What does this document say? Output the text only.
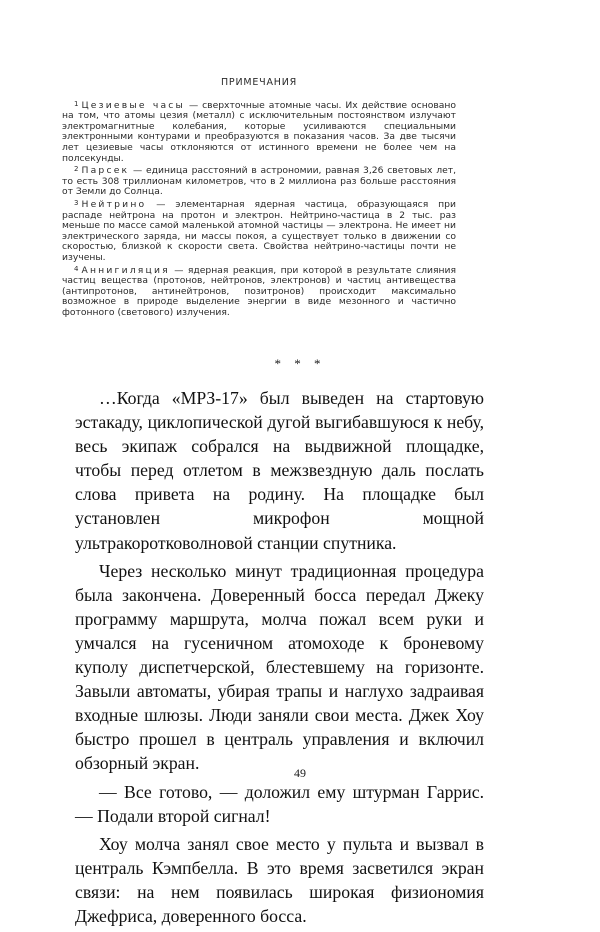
ПРИМЕЧАНИЯ

$^1$ Цезиевые часы — сверхточные атомные часы. Их действие основано на том, что атомы цезия (металл) с исключительным постоянством излучают электромагнитные колебания, которые усиливаются специальными электронными контурами и преобразуются в показания часов. За две тысячи лет цезиевые часы отклоняются от истинного времени не более чем на полсекунды.

$^2$ Парсек — единица расстояний в астрономии, равная 3,26 световых лет, то есть 308 триллионам километров, что в 2 миллиона раз больше расстояния от Земли до Солнца.

$^3$ Нейтрино — элементарная ядерная частица, образующаяся при распаде нейтрона на протон и электрон. Нейтрино-частица в 2 тыс. раз меньше по массе самой маленькой атомной частицы — электрона. Не имеет ни электрического заряда, ни массы покоя, а существует только в движении со скоростью, близкой к скорости света. Свойства нейтрино-частицы почти не изучены.

$^4$ Аннигиляция — ядерная реакция, при которой в результате слияния частиц вещества (протонов, нейтронов, электронов) и частиц антивещества (антипротонов, антинейтронов, позитронов) происходит максимально возможное в природе выделение энергии в виде мезонного и частично фотонного (светового) излучения.

* * *

…Когда «МРЗ-17» был выведен на стартовую эстакаду, циклопической дугой выгибавшуюся к небу, весь экипаж собрался на выдвижной площадке, чтобы перед отлетом в межзвездную даль послать слова привета на родину. На площадке был установлен микрофон мощной ультракоротковолновой станции спутника.

Через несколько минут традиционная процедура была закончена. Доверенный босса передал Джеку программу маршрута, молча пожал всем руки и умчался на гусеничном атомоходе к броневому куполу диспетчерской, блестевшему на горизонте. Завыли автоматы, убирая трапы и наглухо задраивая входные шлюзы. Люди заняли свои места. Джек Хоу быстро прошел в централь управления и включил обзорный экран.

— Все готово, — доложил ему штурман Гаррис. — Подали второй сигнал!

Хоу молча занял свое место у пульта и вызвал в централь Кэмпбелла. В это время засветился экран связи: на нем появилась широкая физиономия Джефриса, доверенного босса.

49
